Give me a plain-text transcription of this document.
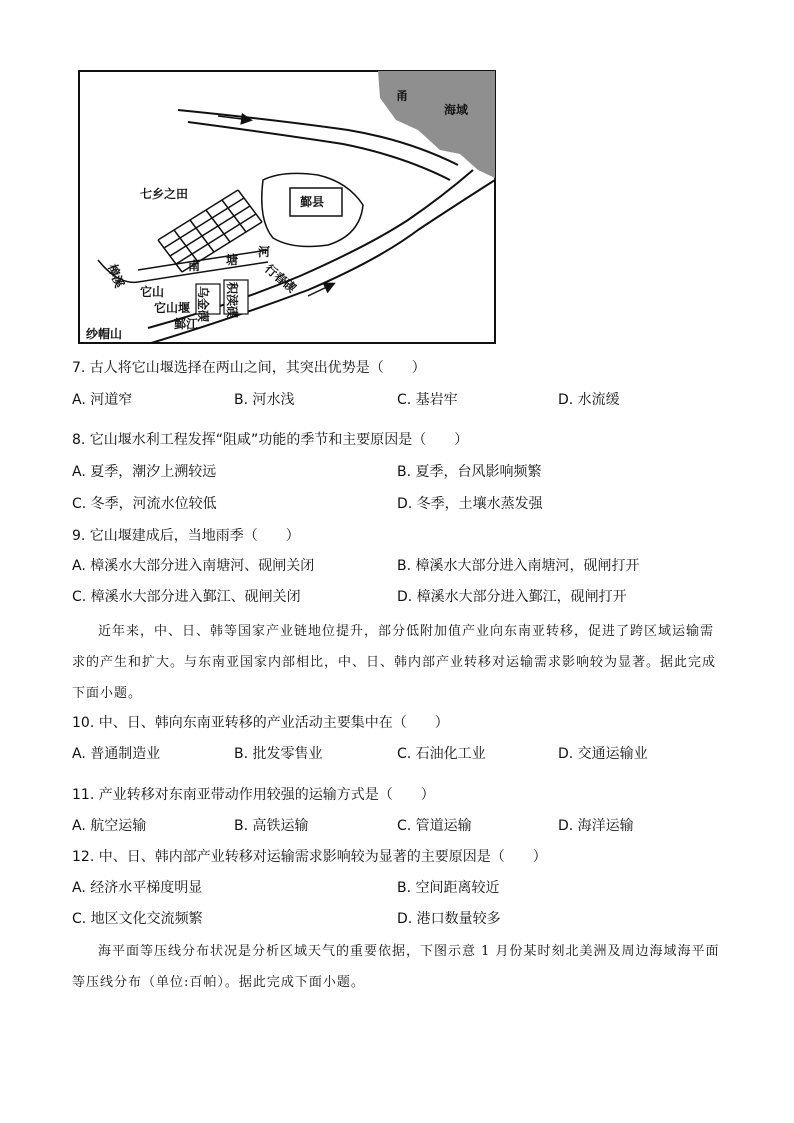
甬
海域
七乡之田
鄞县
樟溪	南 塘
河
行春碶
它山
它山堰 乌金碶 积渎碶
鄞江
纱帽山
7. 古人将它山堰选择在两山之间，其突出优势是（　　）
A. 河道窄	B. 河水浅	C. 基岩牢	D. 水流缓
8. 它山堰水利工程发挥“阻咸”功能的季节和主要原因是（　　）
A. 夏季，潮汐上溯较远	B. 夏季，台风影响频繁
C. 冬季，河流水位较低	D. 冬季，土壤水蒸发强
9. 它山堰建成后，当地雨季（　　）
A. 樟溪水大部分进入南塘河、砚闸关闭	B. 樟溪水大部分进入南塘河，砚闸打开
C. 樟溪水大部分进入鄞江、砚闸关闭	D. 樟溪水大部分进入鄞江，砚闸打开
近年来，中、日、韩等国家产业链地位提升，部分低附加值产业向东南亚转移，促进了跨区域运输需求的产生和扩大。与东南亚国家内部相比，中、日、韩内部产业转移对运输需求影响较为显著。据此完成下面小题。
10. 中、日、韩向东南亚转移的产业活动主要集中在（　　）
A. 普通制造业	B. 批发零售业	C. 石油化工业	D. 交通运输业
11. 产业转移对东南亚带动作用较强的运输方式是（　　）
A. 航空运输	B. 高铁运输	C. 管道运输	D. 海洋运输
12. 中、日、韩内部产业转移对运输需求影响较为显著的主要原因是（　　）
A. 经济水平梯度明显	B. 空间距离较近
C. 地区文化交流频繁	D. 港口数量较多
海平面等压线分布状况是分析区域天气的重要依据，下图示意 1 月份某时刻北美洲及周边海域海平面等压线分布（单位:百帕）。据此完成下面小题。
